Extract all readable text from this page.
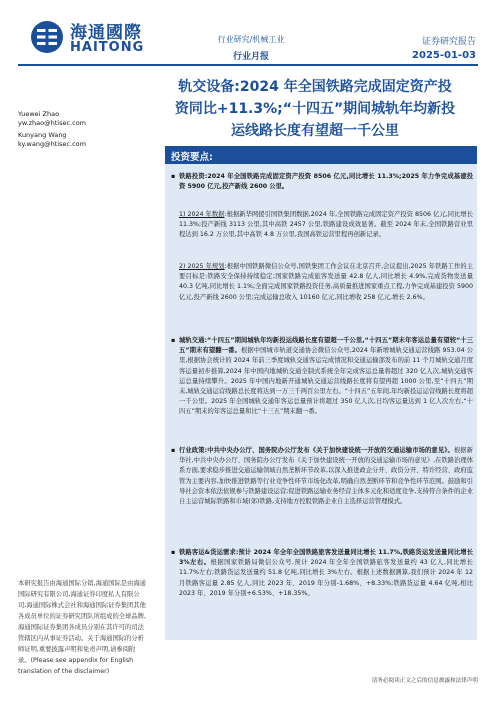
海通國際
HAITONG
行业研究/机械工业
行业月报
证券研究报告
2025-01-03
轨交设备:2024 年全国铁路完成固定资产投
资同比+11.3%;“十四五”期间城轨年均新投
运线路长度有望超一千公里
Yuewei Zhao
yw.zhao@htisec.com
Kunyang Wang
ky.wang@htisec.com
投资要点:
▪ 铁路投资:2024 年全国铁路完成固定资产投资 8506 亿元,同比增长 11.3%;2025 年力争完成基建投资 5900 亿元,投产新线 2600 公里。
1) 2024 年数据:根据新华网援引国铁集团数据,2024 年,全国铁路完成固定资产投资 8506 亿元,同比增长 11.3%;投产新线 3113 公里,其中高铁 2457 公里,铁路建设成效显著。截至 2024 年末,全国铁路营业里程达到 16.2 万公里,其中高铁 4.8 万公里,我国高铁运营里程再创新记录。
2) 2025 年规划:根据中国铁路微信公众号,国铁集团工作会议在北京召开,会议提出,2025 年铁路工作的主要目标是:铁路安全保持持续稳定;国家铁路完成旅客发送量 42.8 亿人,同比增长 4.9%,完成货物发送量 40.3 亿吨,同比增长 1.1%;全面完成国家铁路投资任务,高质量推进国家重点工程,力争完成基建投资 5900 亿元,投产新线 2600 公里;完成运输总收入 10160 亿元,同比增收 258 亿元,增长 2.6%。
▪ 城轨交通:“十四五”期间城轨年均新投运线路长度有望超一千公里,“十四五”期末年客运总量有望较“十三五”期末有望翻一番。根据中国城市轨道交通协会微信公众号,2024 年新增城轨交通运营线路 953.04 公里,根据协会统计的 2024 年前三季度城轨交通客运完成情况和交通运输部发布的前 11 个月城轨交通月度客运量初步推算,2024 年中国内地城轨交通全制式系统全年完成客运总量将超过 320 亿人次,城轨交通客运总量持续攀升。2025 年中国内地新开通城轨交通运营线路长度将有望再超 1000 公里,至“十四五”期末,城轨交通运营线路总长度将达到一万三千两百公里左右。“十四五”五年间,年均新投运运营线路长度将超一千公里。2025 年全国城轨交通年客运总量预计将超过 350 亿人次,日均客运量达到 1 亿人次左右,“十四五”期末的年客运总量和比“十三五”期末翻一番。
▪ 行业政策:中共中央办公厅、国务院办公厅发布《关于加快建设统一开放的交通运输市场的意见》。根据新华社,中共中央办公厅、国务院办公厅发布《关于加快建设统一开放的交通运输市场的意见》,在铁路治理体系方面,要求稳步推进交通运输领域自然垄断环节改革,以深入推进政企分开、政资分开、特许经营、政府监管为主要内容,加快推进铁路等行业竞争性环节市场化改革,明确自然垄断环节和竞争性环节范围。鼓励和引导社会资本依法依规参与铁路建设运营;促进铁路运输业务经营主体多元化和适度竞争,支持符合条件的企业自主运营城际铁路和市域(郊)铁路,支持地方控股铁路企业自主选择运营管理模式。
▪ 铁路客运&货运需求:预计 2024 年全年全国铁路旅客发送量同比增长 11.7%,铁路货运发送量同比增长 3%左右。根据国家铁路局微信公众号,预计 2024 年全年全国铁路旅客发送量约 43 亿人,同比增长 11.7%左右;铁路货运发送量约 51.8 亿吨,同比增长 3%左右。根据上述数据测算,我们预计 2024 年 12 月铁路客运量 2.85 亿人,同比 2023 年、2019 年分别-1.68%、+8.33%;铁路货运量 4.64 亿吨,相比 2023 年、2019 年分别+6.53%、+18.35%。
本研究报告由海通国际分销,海通国际是由海通国际研究有限公司,海通证券印度私人有限公司,海通国际株式会社和海通国际证券集团其他各成员单位的证券研究团队所组成的全球品牌,海通国际证券集团各成员分别在其许可的司法管辖区内从事证券活动。关于海通国际的分析师证明,重要披露声明和免责声明,请参阅附录。(Please see appendix for English translation of the disclaimer)
请务必阅读正文之后的信息披露和法律声明
